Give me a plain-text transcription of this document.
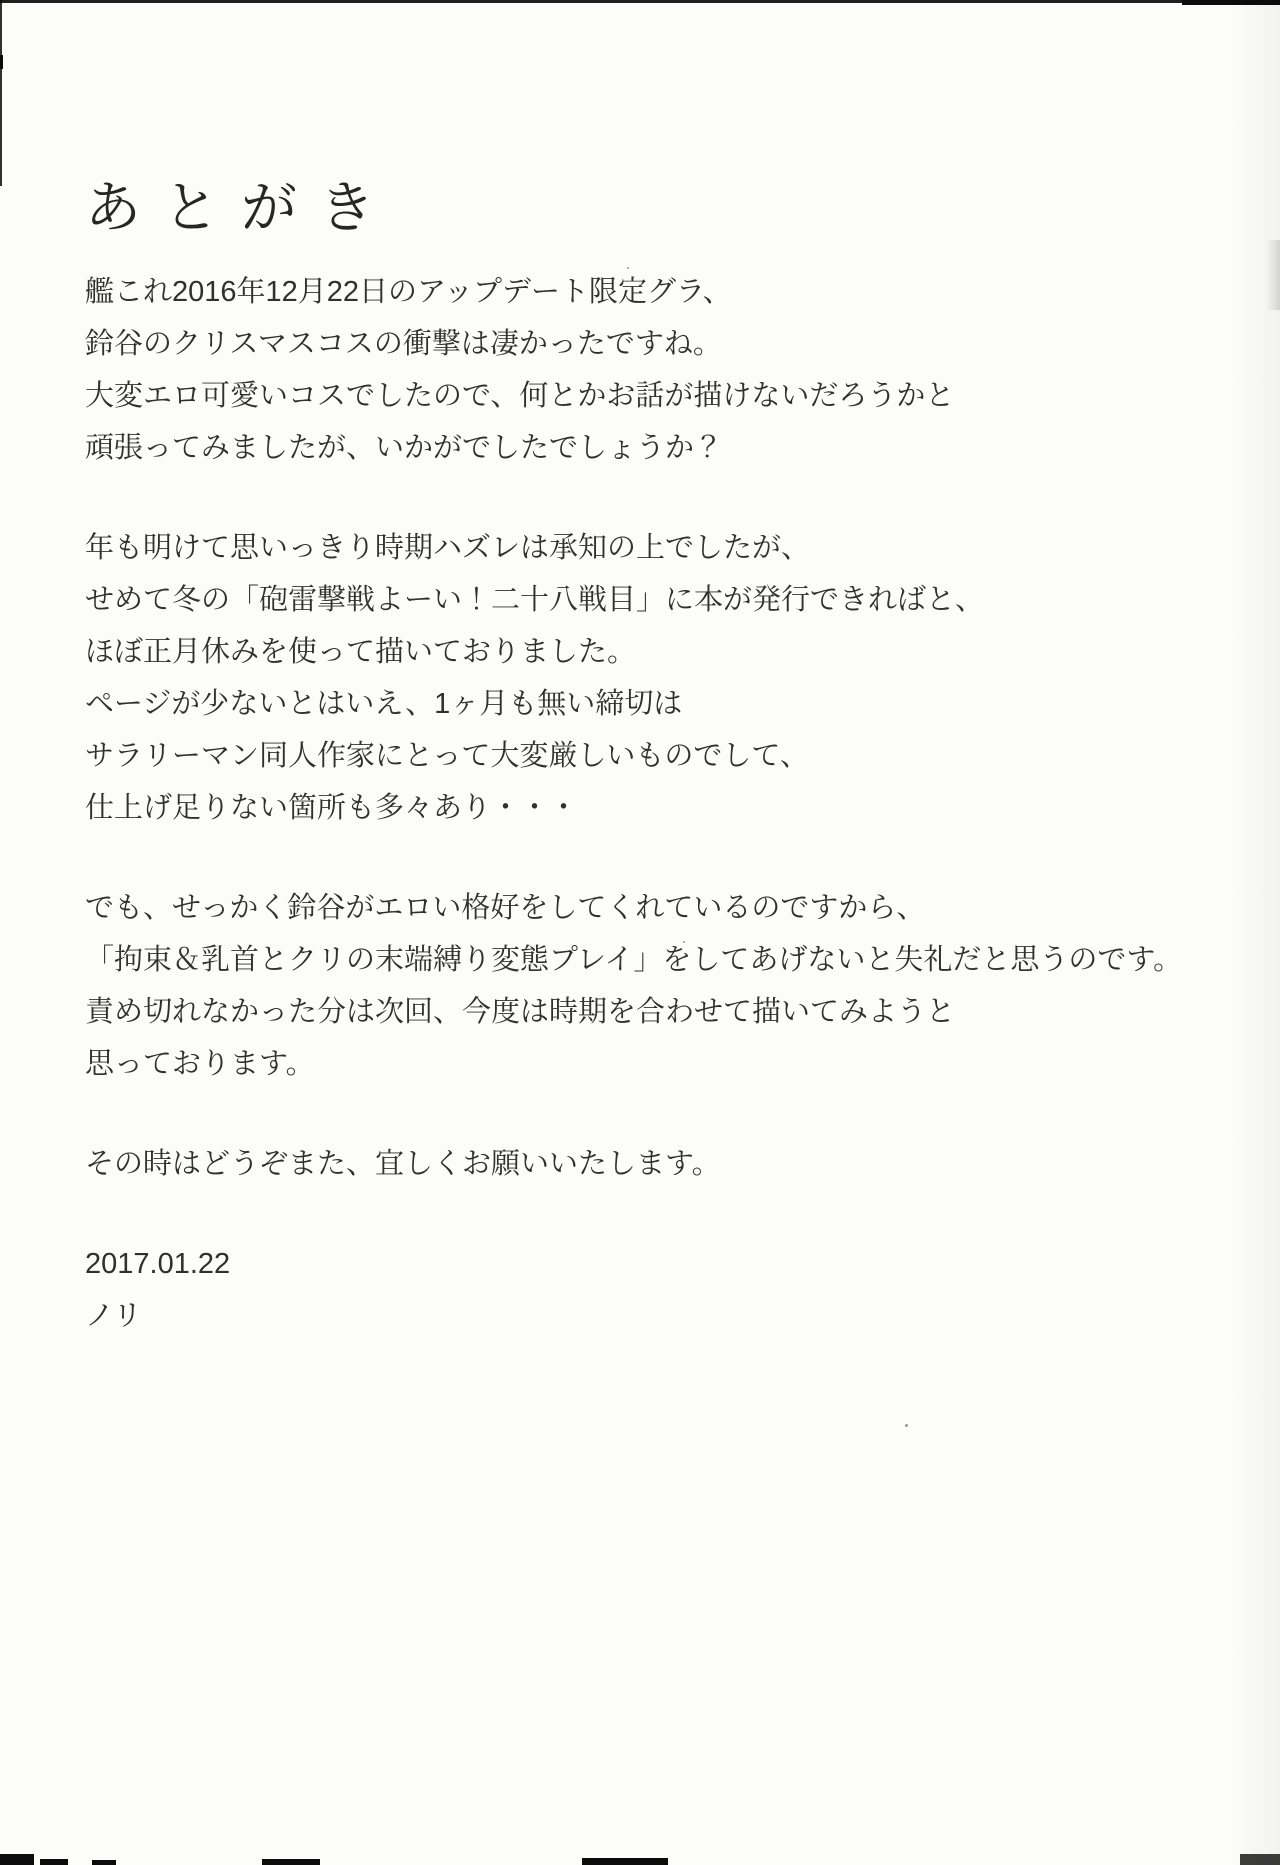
あとがき
艦これ2016年12月22日のアップデート限定グラ、
鈴谷のクリスマスコスの衝撃は凄かったですね。
大変エロ可愛いコスでしたので、何とかお話が描けないだろうかと
頑張ってみましたが、いかがでしたでしょうか？
年も明けて思いっきり時期ハズレは承知の上でしたが、
せめて冬の「砲雷撃戦よーい！二十八戦目」に本が発行できればと、
ほぼ正月休みを使って描いておりました。
ページが少ないとはいえ、1ヶ月も無い締切は
サラリーマン同人作家にとって大変厳しいものでして、
仕上げ足りない箇所も多々あり・・・
でも、せっかく鈴谷がエロい格好をしてくれているのですから、
「拘束＆乳首とクリの末端縛り変態プレイ」をしてあげないと失礼だと思うのです。
責め切れなかった分は次回、今度は時期を合わせて描いてみようと
思っております。
その時はどうぞまた、宜しくお願いいたします。
2017.01.22
ノリ
